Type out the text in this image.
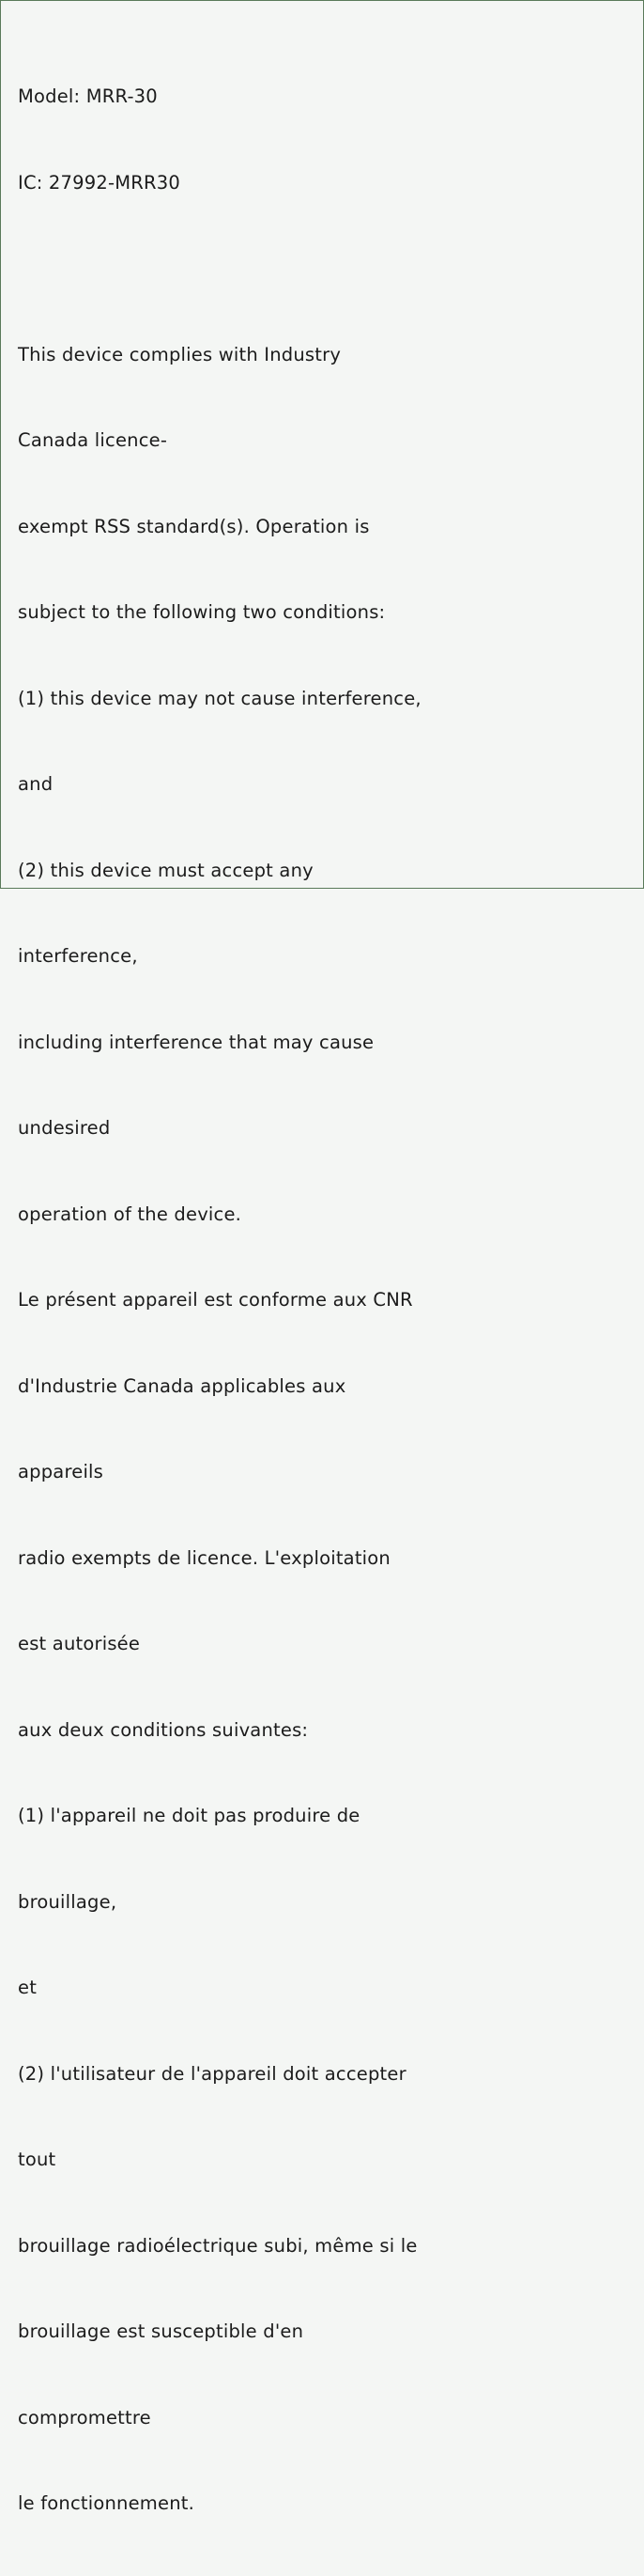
Model: MRR-30

IC: 27992-MRR30

This device complies with Industry

Canada licence-

exempt RSS standard(s). Operation is

subject to the following two conditions:

(1) this device may not cause interference,

and

(2) this device must accept any

interference,

including interference that may cause

undesired

operation of the device.

Le présent appareil est conforme aux CNR

d'Industrie Canada applicables aux

appareils

radio exempts de licence. L'exploitation

est autorisée

aux deux conditions suivantes:

(1) l'appareil ne doit pas produire de

brouillage,

et

(2) l'utilisateur de l'appareil doit accepter

tout

brouillage radioélectrique subi, même si le

brouillage est susceptible d'en

compromettre

le fonctionnement.
